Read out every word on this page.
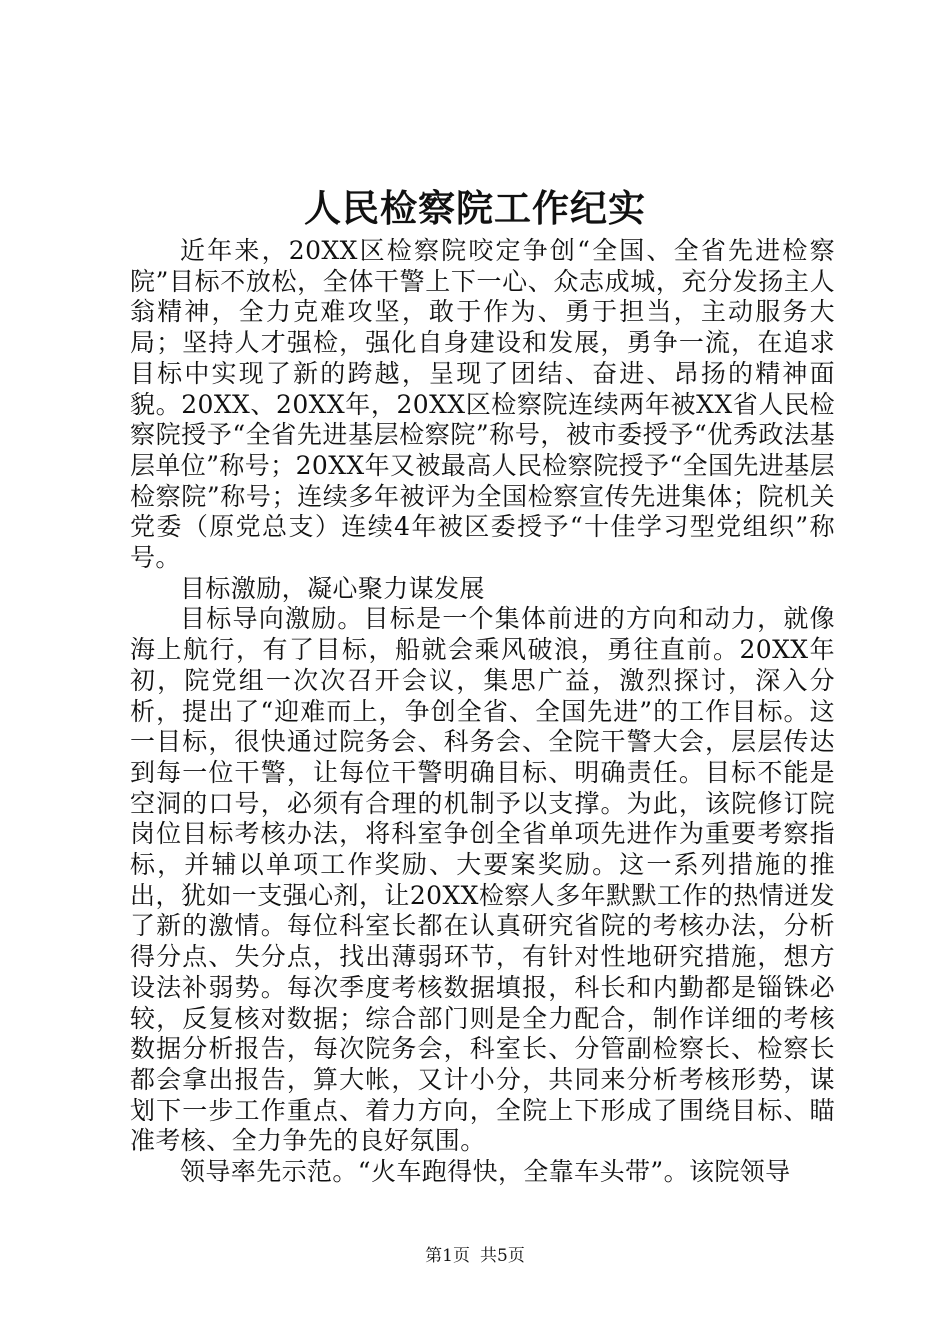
人民检察院工作纪实

近年来，20XX区检察院咬定争创“全国、全省先进检察院”目标不放松，全体干警上下一心、众志成城，充分发扬主人翁精神，全力克难攻坚，敢于作为、勇于担当，主动服务大局；坚持人才强检，强化自身建设和发展，勇争一流，在追求目标中实现了新的跨越，呈现了团结、奋进、昂扬的精神面貌。20XX、20XX年，20XX区检察院连续两年被XX省人民检察院授予“全省先进基层检察院”称号，被市委授予“优秀政法基层单位”称号；20XX年又被最高人民检察院授予“全国先进基层检察院”称号；连续多年被评为全国检察宣传先进集体；院机关党委（原党总支）连续4年被区委授予“十佳学习型党组织”称号。

目标激励，凝心聚力谋发展

目标导向激励。目标是一个集体前进的方向和动力，就像海上航行，有了目标，船就会乘风破浪，勇往直前。20XX年初，院党组一次次召开会议，集思广益，激烈探讨，深入分析，提出了“迎难而上，争创全省、全国先进”的工作目标。这一目标，很快通过院务会、科务会、全院干警大会，层层传达到每一位干警，让每位干警明确目标、明确责任。目标不能是空洞的口号，必须有合理的机制予以支撑。为此，该院修订院岗位目标考核办法，将科室争创全省单项先进作为重要考察指标，并辅以单项工作奖励、大要案奖励。这一系列措施的推出，犹如一支强心剂，让20XX检察人多年默默工作的热情迸发了新的激情。每位科室长都在认真研究省院的考核办法，分析得分点、失分点，找出薄弱环节，有针对性地研究措施，想方设法补弱势。每次季度考核数据填报，科长和内勤都是锱铢必较，反复核对数据；综合部门则是全力配合，制作详细的考核数据分析报告，每次院务会，科室长、分管副检察长、检察长都会拿出报告，算大帐，又计小分，共同来分析考核形势，谋划下一步工作重点、着力方向，全院上下形成了围绕目标、瞄准考核、全力争先的良好氛围。

领导率先示范。“火车跑得快，全靠车头带”。该院领导

第1页 共5页
